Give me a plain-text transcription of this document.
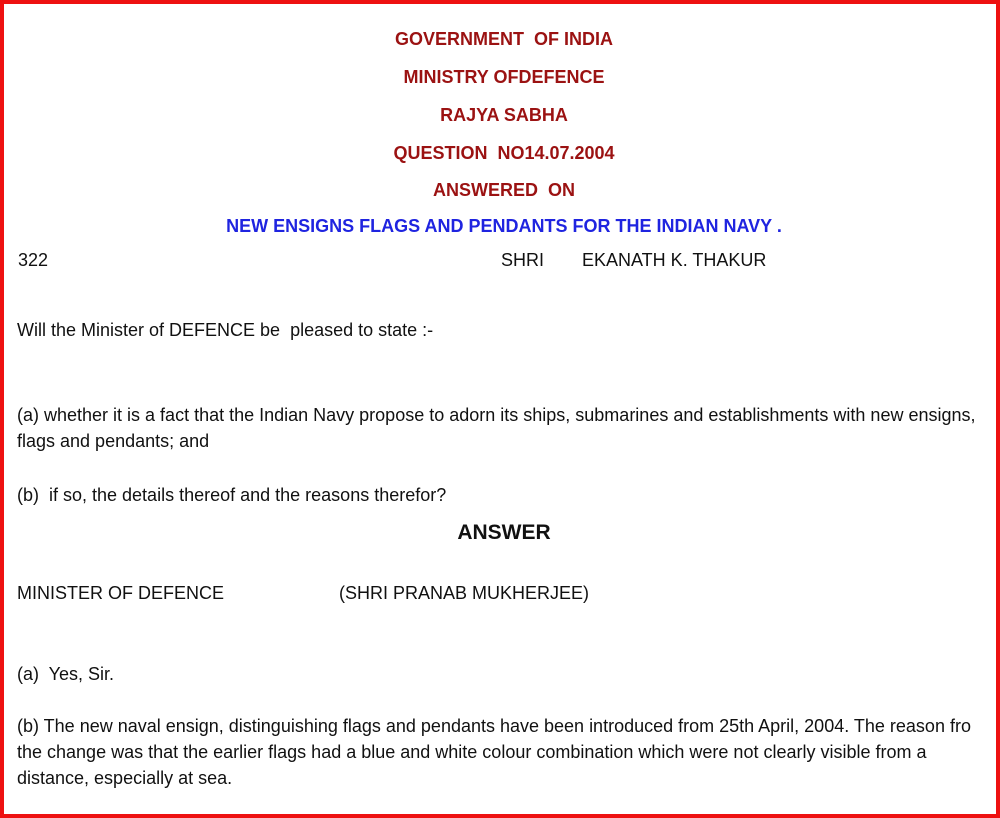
GOVERNMENT  OF INDIA
MINISTRY OFDEFENCE
RAJYA SABHA
QUESTION  NO14.07.2004
ANSWERED  ON
NEW ENSIGNS FLAGS AND PENDANTS FOR THE INDIAN NAVY .
322	SHRI EKANATH K. THAKUR
Will the Minister of DEFENCE be  pleased to state :-
(a) whether it is a fact that the Indian Navy propose to adorn its ships, submarines and establishments with new ensigns, flags and pendants; and
(b)  if so, the details thereof and the reasons therefor?
ANSWER
MINISTER OF DEFENCE	(SHRI PRANAB MUKHERJEE)
(a)  Yes, Sir.
(b) The new naval ensign, distinguishing flags and pendants have been introduced from 25th April, 2004. The reason fro the change was that the earlier flags had a blue and white colour combination which were not clearly visible from a distance, especially at sea.
